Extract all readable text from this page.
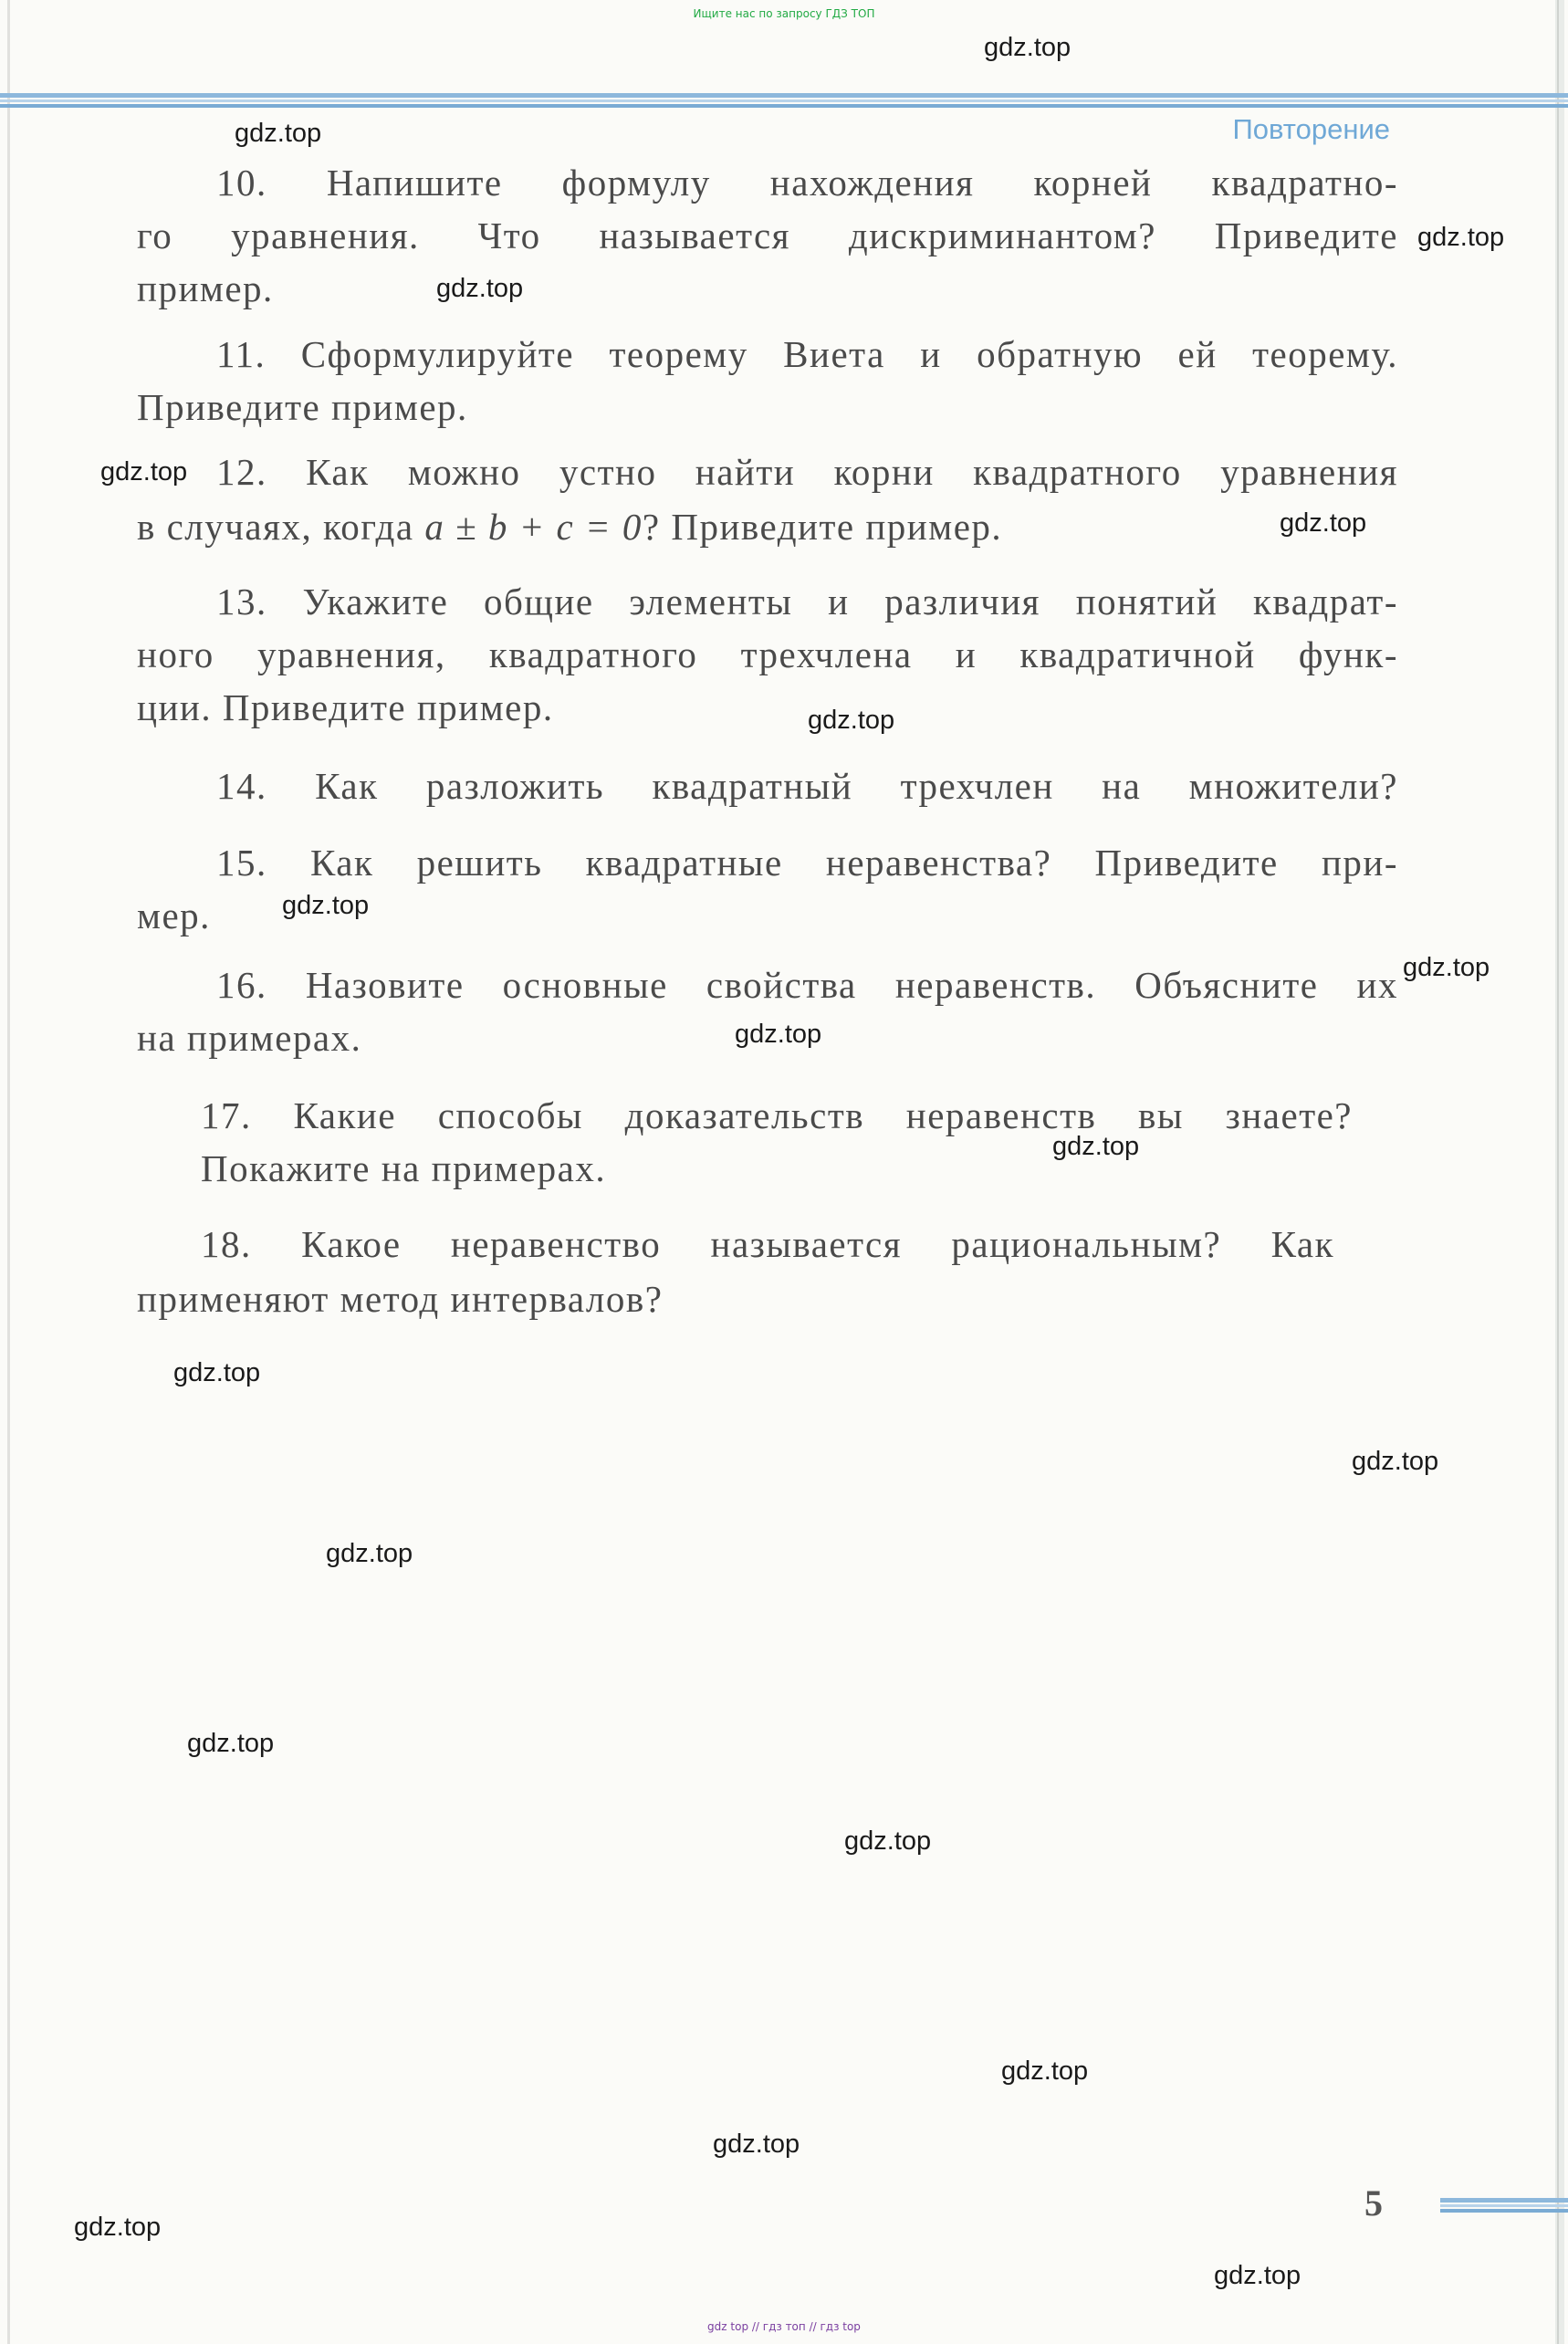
Ищите нас по запросу ГДЗ ТОП
Повторение
10. Напишите формулу нахождения корней квадратно-
го уравнения. Что называется дискриминантом? Приведите
пример.
11. Сформулируйте теорему Виета и обратную ей теорему.
Приведите пример.
12. Как можно устно найти корни квадратного уравнения
в случаях, когда a ± b + c = 0? Приведите пример.
13. Укажите общие элементы и различия понятий квадрат-
ного уравнения, квадратного трехчлена и квадратичной функ-
ции. Приведите пример.
14. Как разложить квадратный трехчлен на множители?
15. Как решить квадратные неравенства? Приведите при-
мер.
16. Назовите основные свойства неравенств. Объясните их
на примерах.
17. Какие способы доказательств неравенств вы знаете?
Покажите на примерах.
18. Какое неравенство называется рациональным? Как
применяют метод интервалов?
gdz.top
gdz.top
gdz.top
gdz.top
gdz.top
gdz.top
gdz.top
gdz.top
gdz.top
gdz.top
gdz.top
gdz.top
gdz.top
gdz.top
gdz.top
gdz.top
gdz.top
gdz.top
gdz.top
gdz.top
5
gdz top // гдз топ // гдз top
